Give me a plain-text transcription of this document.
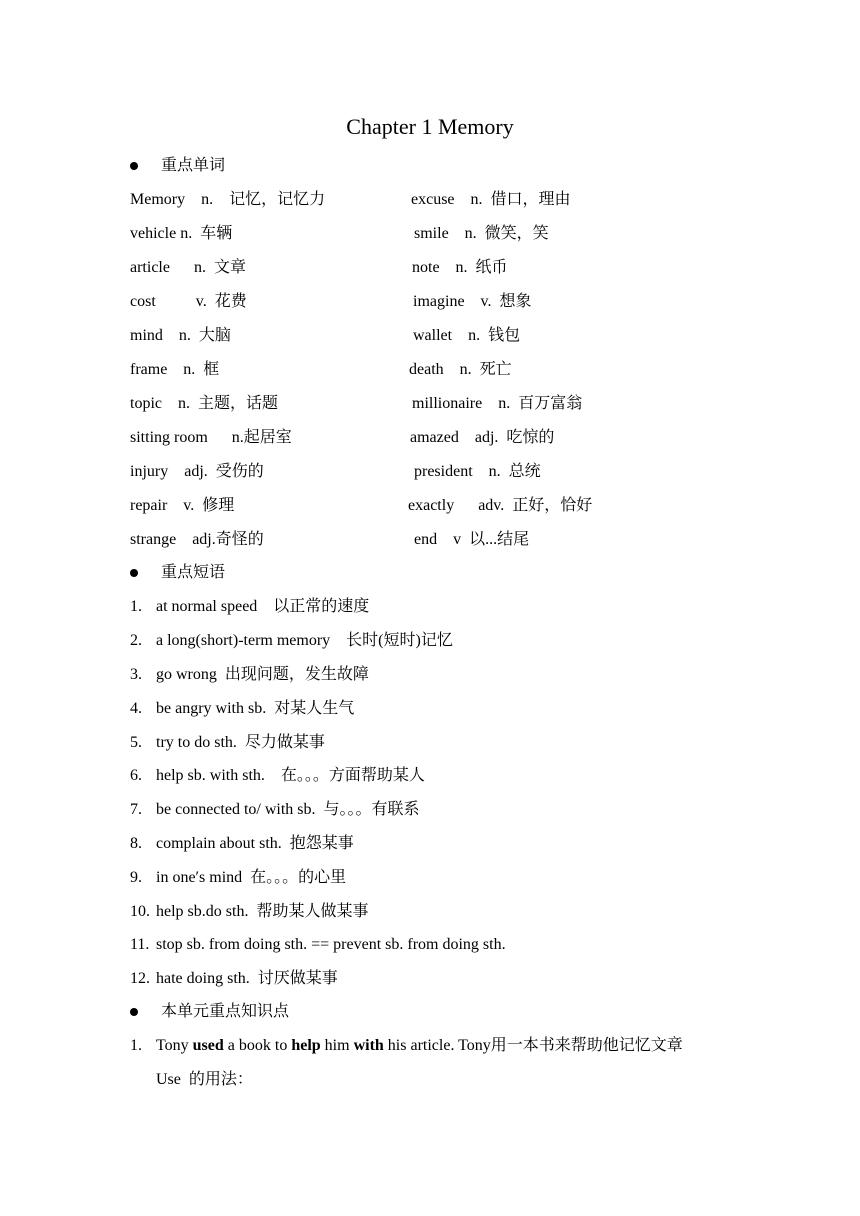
Chapter 1 Memory
重点单词
Memory    n.    记忆，记忆力
vehicle n.  车辆
article      n.  文章
cost          v.  花费
mind    n.  大脑
frame    n.  框
topic    n.  主题，话题
sitting room      n.起居室
injury    adj.  受伤的
repair    v.  修理
strange    adj.奇怪的
excuse    n.  借口，理由
smile    n.  微笑，笑
note    n.  纸币
imagine    v.  想象
wallet    n.  钱包
death    n.  死亡
millionaire    n.  百万富翁
amazed    adj.  吃惊的
president    n.  总统
exactly      adv.  正好，恰好
end    v  以...结尾
重点短语
1. at normal speed    以正常的速度
2. a long(short)-term memory    长时(短时)记忆
3. go wrong  出现问题，发生故障
4. be angry with sb.  对某人生气
5. try to do sth.  尽力做某事
6. help sb. with sth.    在。。。方面帮助某人
7. be connected to/ with sb.  与。。。有联系
8. complain about sth.  抱怨某事
9. in one′s mind  在。。。的心里
10. help sb.do sth.  帮助某人做某事
11. stop sb. from doing sth. == prevent sb. from doing sth.
12. hate doing sth.  讨厌做某事
本单元重点知识点
1. Tony used a book to help him with his article. Tony用一本书来帮助他记忆文章
Use  的用法：
